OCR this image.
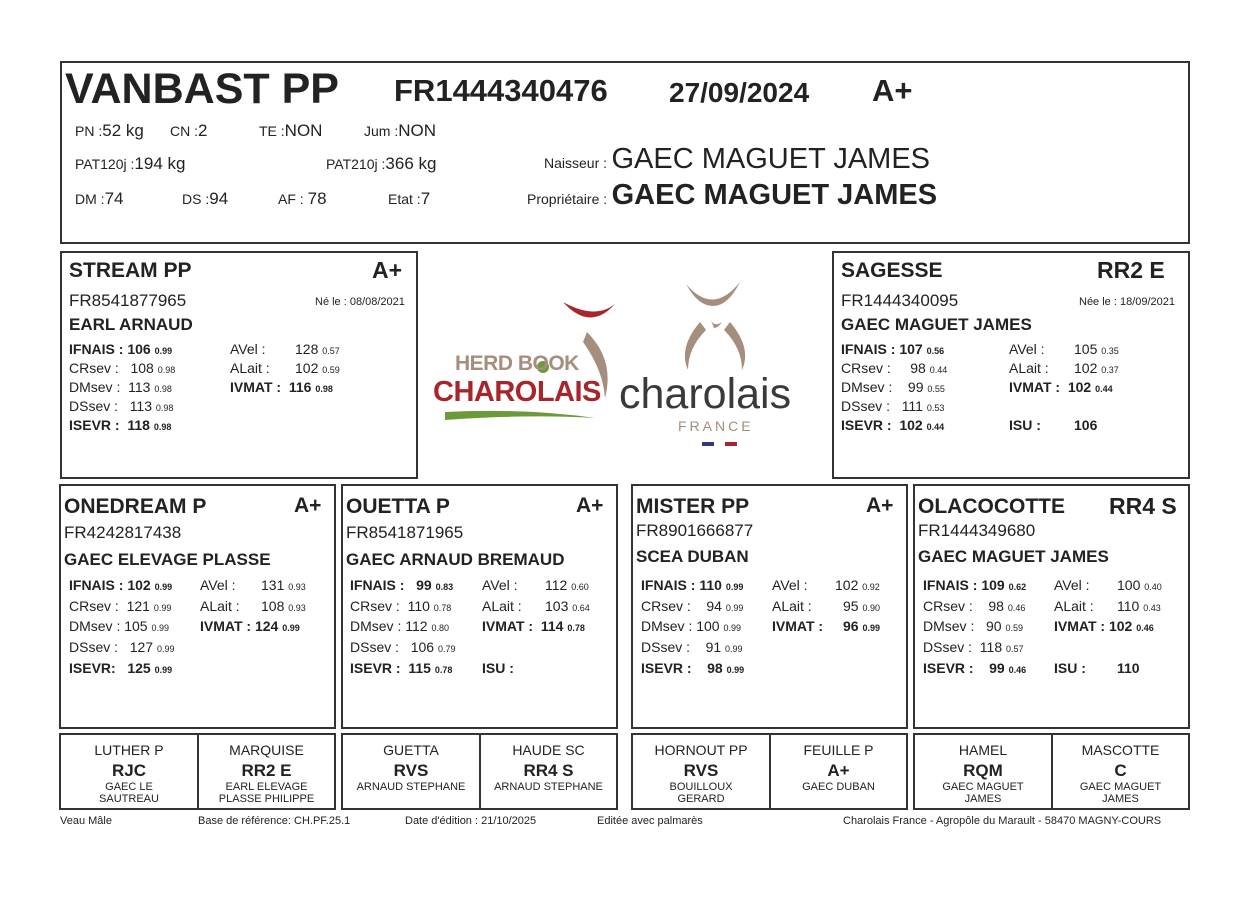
VANBAST PP FR1444340476 27/09/2024 A+
PN :52 kg CN :2	TE :NON	Jum :NON
PAT120j :194 kg	PAT210j :366 kg
DM :74	DS :94	AF : 78	Etat :7
Naisseur : GAEC MAGUET JAMES
Propriétaire : GAEC MAGUET JAMES
STREAM PP	A+
FR8541877965	Né le : 08/08/2021
EARL ARNAUD
IFNAIS : 106 0.99
CRsev : 108 0.98
DMsev : 113 0.98
DSsev : 113 0.98
ISEVR : 118 0.98
AVel : 128 0.57
ALait : 102 0.59
IVMAT : 116 0.98
HERD BOOK
CHAROLAIS charolais
FRANCE
SAGESSE	RR2 E
FR1444340095	Née le : 18/09/2021
GAEC MAGUET JAMES
IFNAIS : 107 0.56
CRsev : 98 0.44
DMsev : 99 0.55
DSsev : 111 0.53
ISEVR : 102 0.44
AVel : 105 0.35
ALait : 102 0.37
IVMAT : 102 0.44
ISU : 106
ONEDREAM P	A+
FR4242817438
GAEC ELEVAGE PLASSE
IFNAIS : 102 0.99
CRsev : 121 0.99
DMsev : 105 0.99
DSsev : 127 0.99
ISEVR: 125 0.99
AVel : 131 0.93
ALait : 108 0.93
IVMAT : 124 0.99
OUETTA P	A+
FR8541871965
GAEC ARNAUD BREMAUD
IFNAIS : 99 0.83
CRsev : 110 0.78
DMsev : 112 0.80
DSsev : 106 0.79
ISEVR : 115 0.78
AVel : 112 0.60
ALait : 103 0.64
IVMAT : 114 0.78
ISU :
MISTER PP	A+
FR8901666877
SCEA DUBAN
IFNAIS : 110 0.99
CRsev : 94 0.99
DMsev : 100 0.99
DSsev : 91 0.99
ISEVR : 98 0.99
AVel : 102 0.92
ALait : 95 0.90
IVMAT : 96 0.99
OLACOCOTTE RR4 S
FR1444349680
GAEC MAGUET JAMES
IFNAIS : 109 0.62
CRsev : 98 0.46
DMsev : 90 0.59
DSsev : 118 0.57
ISEVR : 99 0.46
AVel : 100 0.40
ALait : 110 0.43
IVMAT : 102 0.46
ISU : 110
LUTHER P
RJC
GAEC LE
SAUTREAU
MARQUISE
RR2 E
EARL ELEVAGE
PLASSE PHILIPPE
GUETTA
RVS
ARNAUD STEPHANE

HAUDE SC
RR4 S
ARNAUD STEPHANE

HORNOUT PP
RVS
BOUILLOUX
GERARD
FEUILLE P
A+
GAEC DUBAN

HAMEL
RQM
GAEC MAGUET
JAMES
MASCOTTE
C
GAEC MAGUET
JAMES
Veau Mâle	Base de référence: CH.PF.25.1	Date d'édition : 21/10/2025	Editée avec palmarès	Charolais France - Agropôle du Marault - 58470 MAGNY-COURS
